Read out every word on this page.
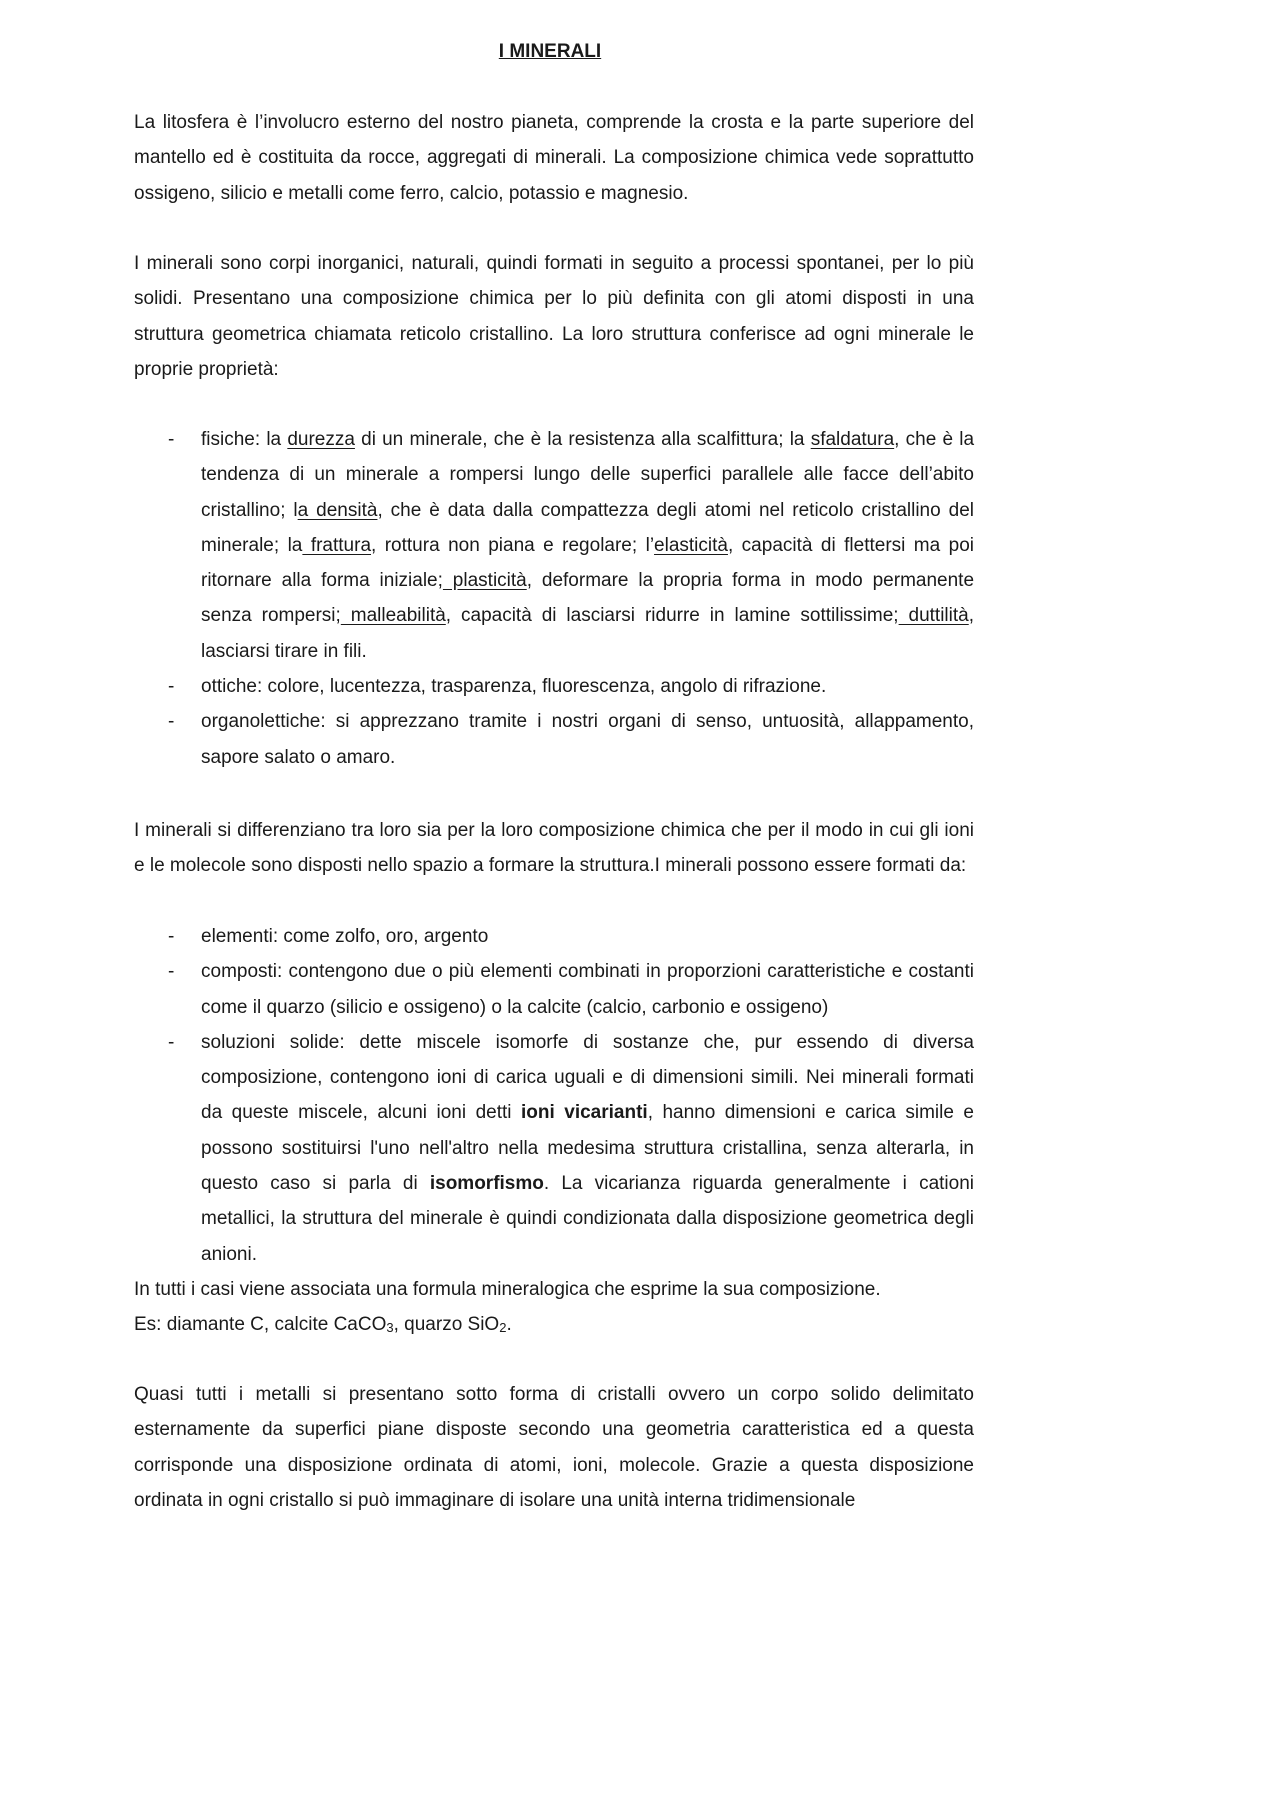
I MINERALI

La litosfera è l’involucro esterno del nostro pianeta, comprende la crosta e la parte superiore del mantello ed è costituita da rocce, aggregati di minerali. La composizione chimica vede soprattutto ossigeno, silicio e metalli come ferro, calcio, potassio e magnesio.

I minerali sono corpi inorganici, naturali, quindi formati in seguito a processi spontanei, per lo più solidi. Presentano una composizione chimica per lo più definita con gli atomi disposti in una struttura geometrica chiamata reticolo cristallino. La loro struttura conferisce ad ogni minerale le proprie proprietà:

- fisiche: la durezza di un minerale, che è la resistenza alla scalfittura; la sfaldatura, che è la tendenza di un minerale a rompersi lungo delle superfici parallele alle facce dell’abito cristallino; la densità, che è data dalla compattezza degli atomi nel reticolo cristallino del minerale; la frattura, rottura non piana e regolare; l’elasticità, capacità di flettersi ma poi ritornare alla forma iniziale; plasticità, deformare la propria forma in modo permanente senza rompersi; malleabilità, capacità di lasciarsi ridurre in lamine sottilissime; duttilità, lasciarsi tirare in fili.
- ottiche: colore, lucentezza, trasparenza, fluorescenza, angolo di rifrazione.
- organolettiche: si apprezzano tramite i nostri organi di senso, untuosità, allappamento, sapore salato o amaro.

I minerali si differenziano tra loro sia per la loro composizione chimica che per il modo in cui gli ioni e le molecole sono disposti nello spazio a formare la struttura.I minerali possono essere formati da:

- elementi: come zolfo, oro, argento
- composti: contengono due o più elementi combinati in proporzioni caratteristiche e costanti come il quarzo (silicio e ossigeno) o la calcite (calcio, carbonio e ossigeno)
- soluzioni solide: dette miscele isomorfe di sostanze che, pur essendo di diversa composizione, contengono ioni di carica uguali e di dimensioni simili. Nei minerali formati da queste miscele, alcuni ioni detti ioni vicarianti, hanno dimensioni e carica simile e possono sostituirsi l'uno nell'altro nella medesima struttura cristallina, senza alterarla, in questo caso si parla di isomorfismo. La vicarianza riguarda generalmente i cationi metallici, la struttura del minerale è quindi condizionata dalla disposizione geometrica degli anioni.
In tutti i casi viene associata una formula mineralogica che esprime la sua composizione.
Es: diamante C, calcite CaCO$_3$, quarzo SiO$_2$.

Quasi tutti i metalli si presentano sotto forma di cristalli ovvero un corpo solido delimitato esternamente da superfici piane disposte secondo una geometria caratteristica ed a questa corrisponde una disposizione ordinata di atomi, ioni, molecole. Grazie a questa disposizione ordinata in ogni cristallo si può immaginare di isolare una unità interna tridimensionale
